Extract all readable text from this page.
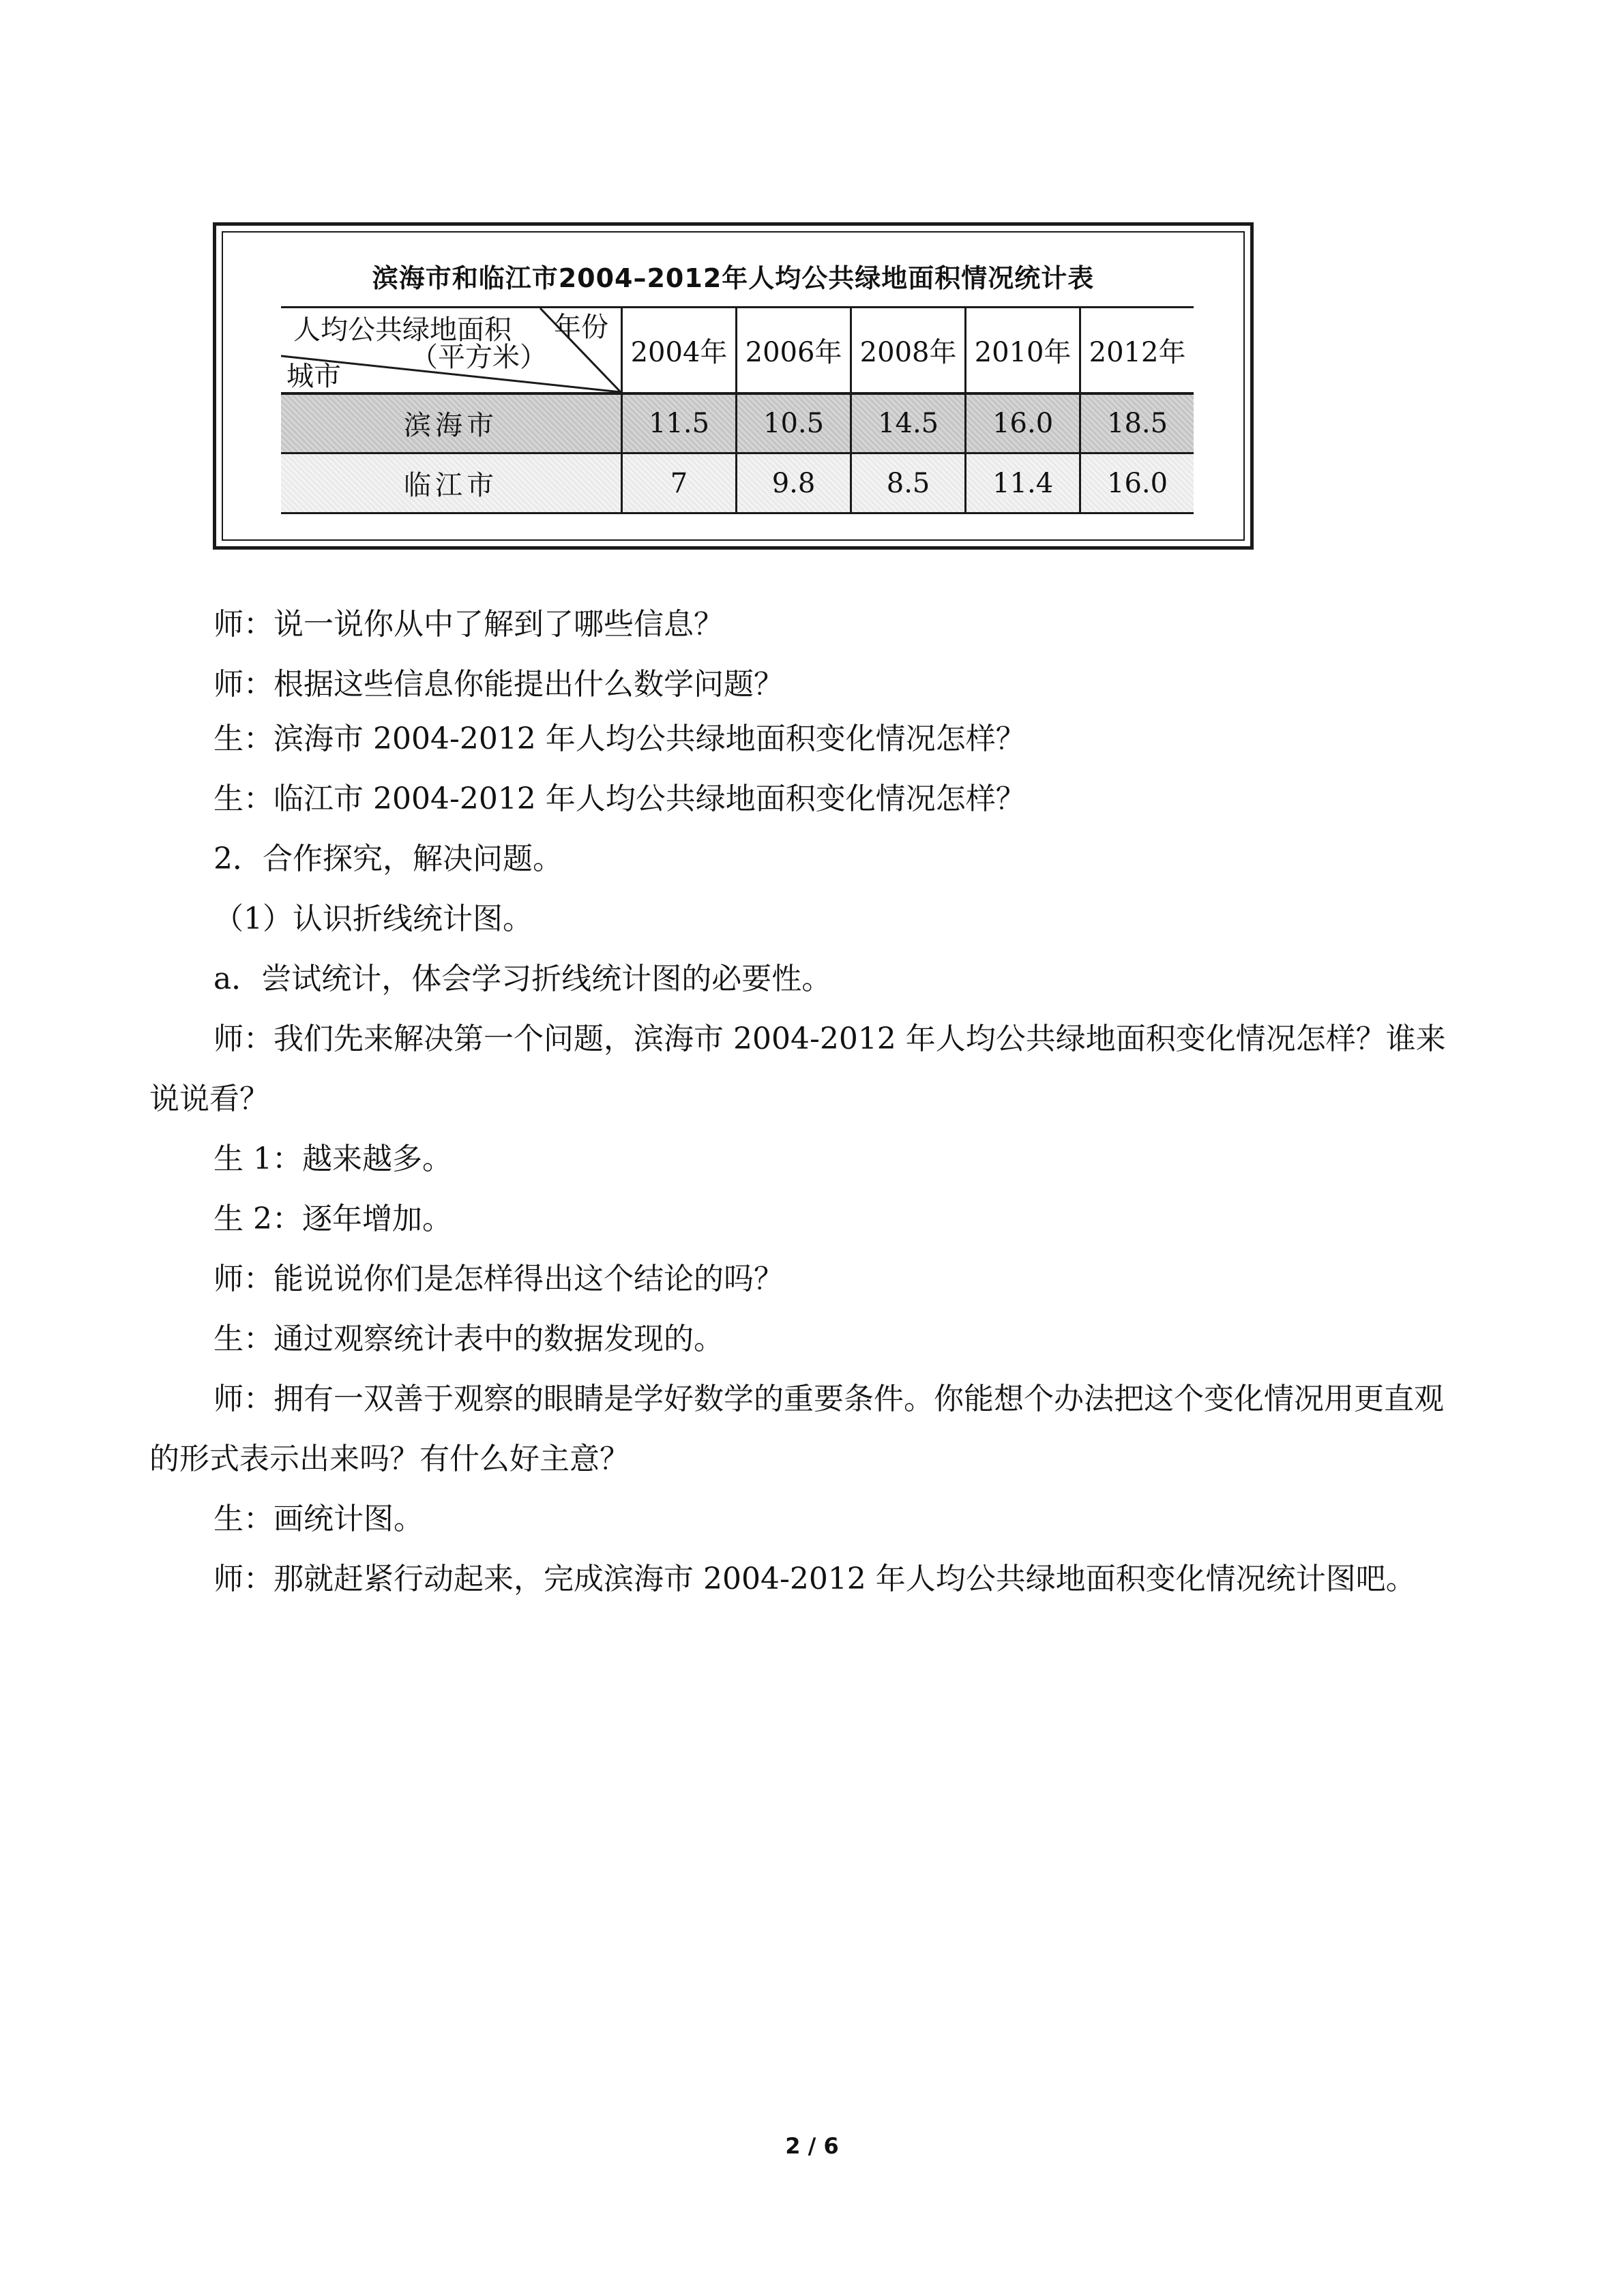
滨海市和临江市2004–2012年人均公共绿地面积情况统计表
人均公共绿地面积 年份
（平方米）
城市	2004年	2006年	2008年	2010年	2012年
滨海市	11.5	10.5	14.5	16.0	18.5
临江市	7	9.8	8.5	11.4	16.0

师：说一说你从中了解到了哪些信息？

师：根据这些信息你能提出什么数学问题？

生：滨海市 2004-2012 年人均公共绿地面积变化情况怎样？

生：临江市 2004-2012 年人均公共绿地面积变化情况怎样？

2．合作探究，解决问题。

（1）认识折线统计图。

a．尝试统计，体会学习折线统计图的必要性。

师：我们先来解决第一个问题，滨海市 2004-2012 年人均公共绿地面积变化情况怎样？谁来说说看？

生 1：越来越多。

生 2：逐年增加。

师：能说说你们是怎样得出这个结论的吗？

生：通过观察统计表中的数据发现的。

师：拥有一双善于观察的眼睛是学好数学的重要条件。你能想个办法把这个变化情况用更直观的形式表示出来吗？有什么好主意？

生：画统计图。

师：那就赶紧行动起来，完成滨海市 2004-2012 年人均公共绿地面积变化情况统计图吧。

2 / 6
